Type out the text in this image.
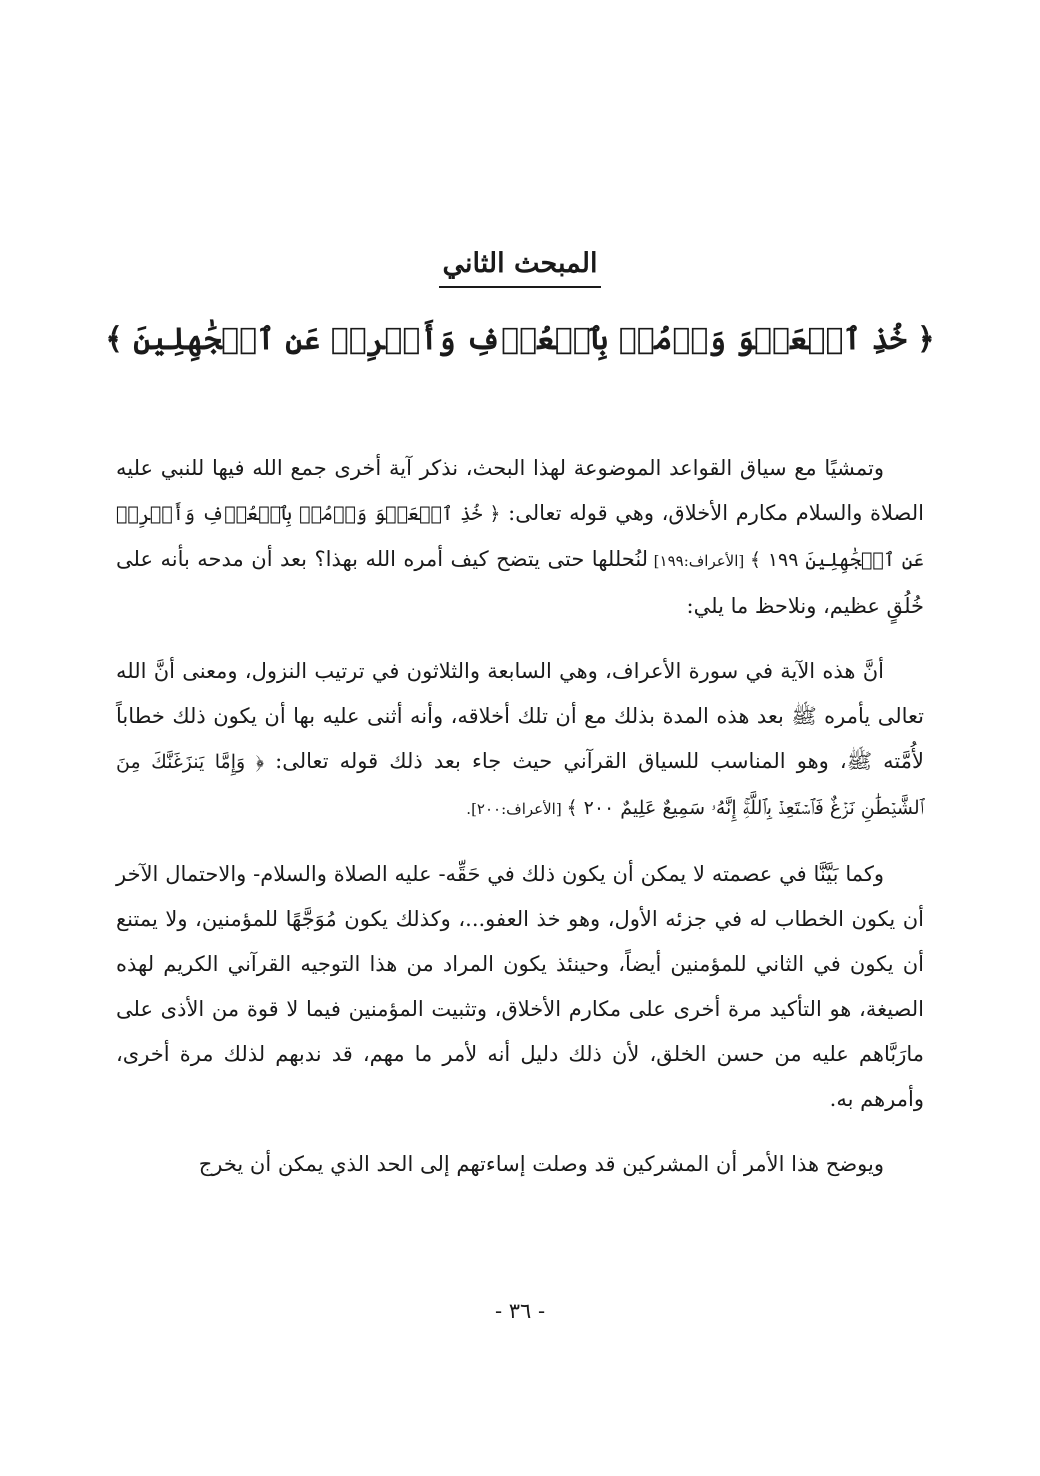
المبحث الثاني
﴿ خُذِ ٱلۡعَفۡوَ وَأۡمُرۡ بِٱلۡعُرۡفِ وَأَعۡرِضۡ عَنِ ٱلۡجَٰهِلِينَ ﴾

وتمشيًا مع سياق القواعد الموضوعة لهذا البحث، نذكر آية أخرى جمع الله فيها للنبي عليه الصلاة والسلام مكارم الأخلاق، وهي قوله تعالى: ﴿ خُذِ ٱلۡعَفۡوَ وَأۡمُرۡ بِٱلۡعُرۡفِ وَأَعۡرِضۡ عَنِ ٱلۡجَٰهِلِينَ ١٩٩ ﴾ [الأعراف:١٩٩] لنُحللها حتى يتضح كيف أمره الله بهذا؟ بعد أن مدحه بأنه على خُلُقٍ عظيم، ونلاحظ ما يلي:

أنَّ هذه الآية في سورة الأعراف، وهي السابعة والثلاثون في ترتيب النزول، ومعنى أنَّ الله تعالى يأمره ﷺ بعد هذه المدة بذلك مع أن تلك أخلاقه، وأنه أثنى عليه بها أن يكون ذلك خطاباً لأُمَّته ﷺ، وهو المناسب للسياق القرآني حيث جاء بعد ذلك قوله تعالى: ﴿ وَإِمَّا يَنزَغَنَّكَ مِنَ ٱلشَّيۡطَٰنِ نَزۡغٌ فَٱسۡتَعِذۡ بِٱللَّهِۚ إِنَّهُۥ سَمِيعٌ عَلِيمٌ ٢٠٠ ﴾ [الأعراف:٢٠٠].

وكما بَيَّنَّا في عصمته لا يمكن أن يكون ذلك في حَقِّه- عليه الصلاة والسلام- والاحتمال الآخر أن يكون الخطاب له في جزئه الأول، وهو خذ العفو...، وكذلك يكون مُوَجَّهًا للمؤمنين، ولا يمتنع أن يكون في الثاني للمؤمنين أيضاً، وحينئذ يكون المراد من هذا التوجيه القرآني الكريم لهذه الصيغة، هو التأكيد مرة أخرى على مكارم الأخلاق، وتثبيت المؤمنين فيما لا قوة من الأذى على مارَبَّاهم عليه من حسن الخلق، لأن ذلك دليل أنه لأمر ما مهم، قد ندبهم لذلك مرة أخرى، وأمرهم به.

ويوضح هذا الأمر أن المشركين قد وصلت إساءتهم إلى الحد الذي يمكن أن يخرج

- ٣٦ -
